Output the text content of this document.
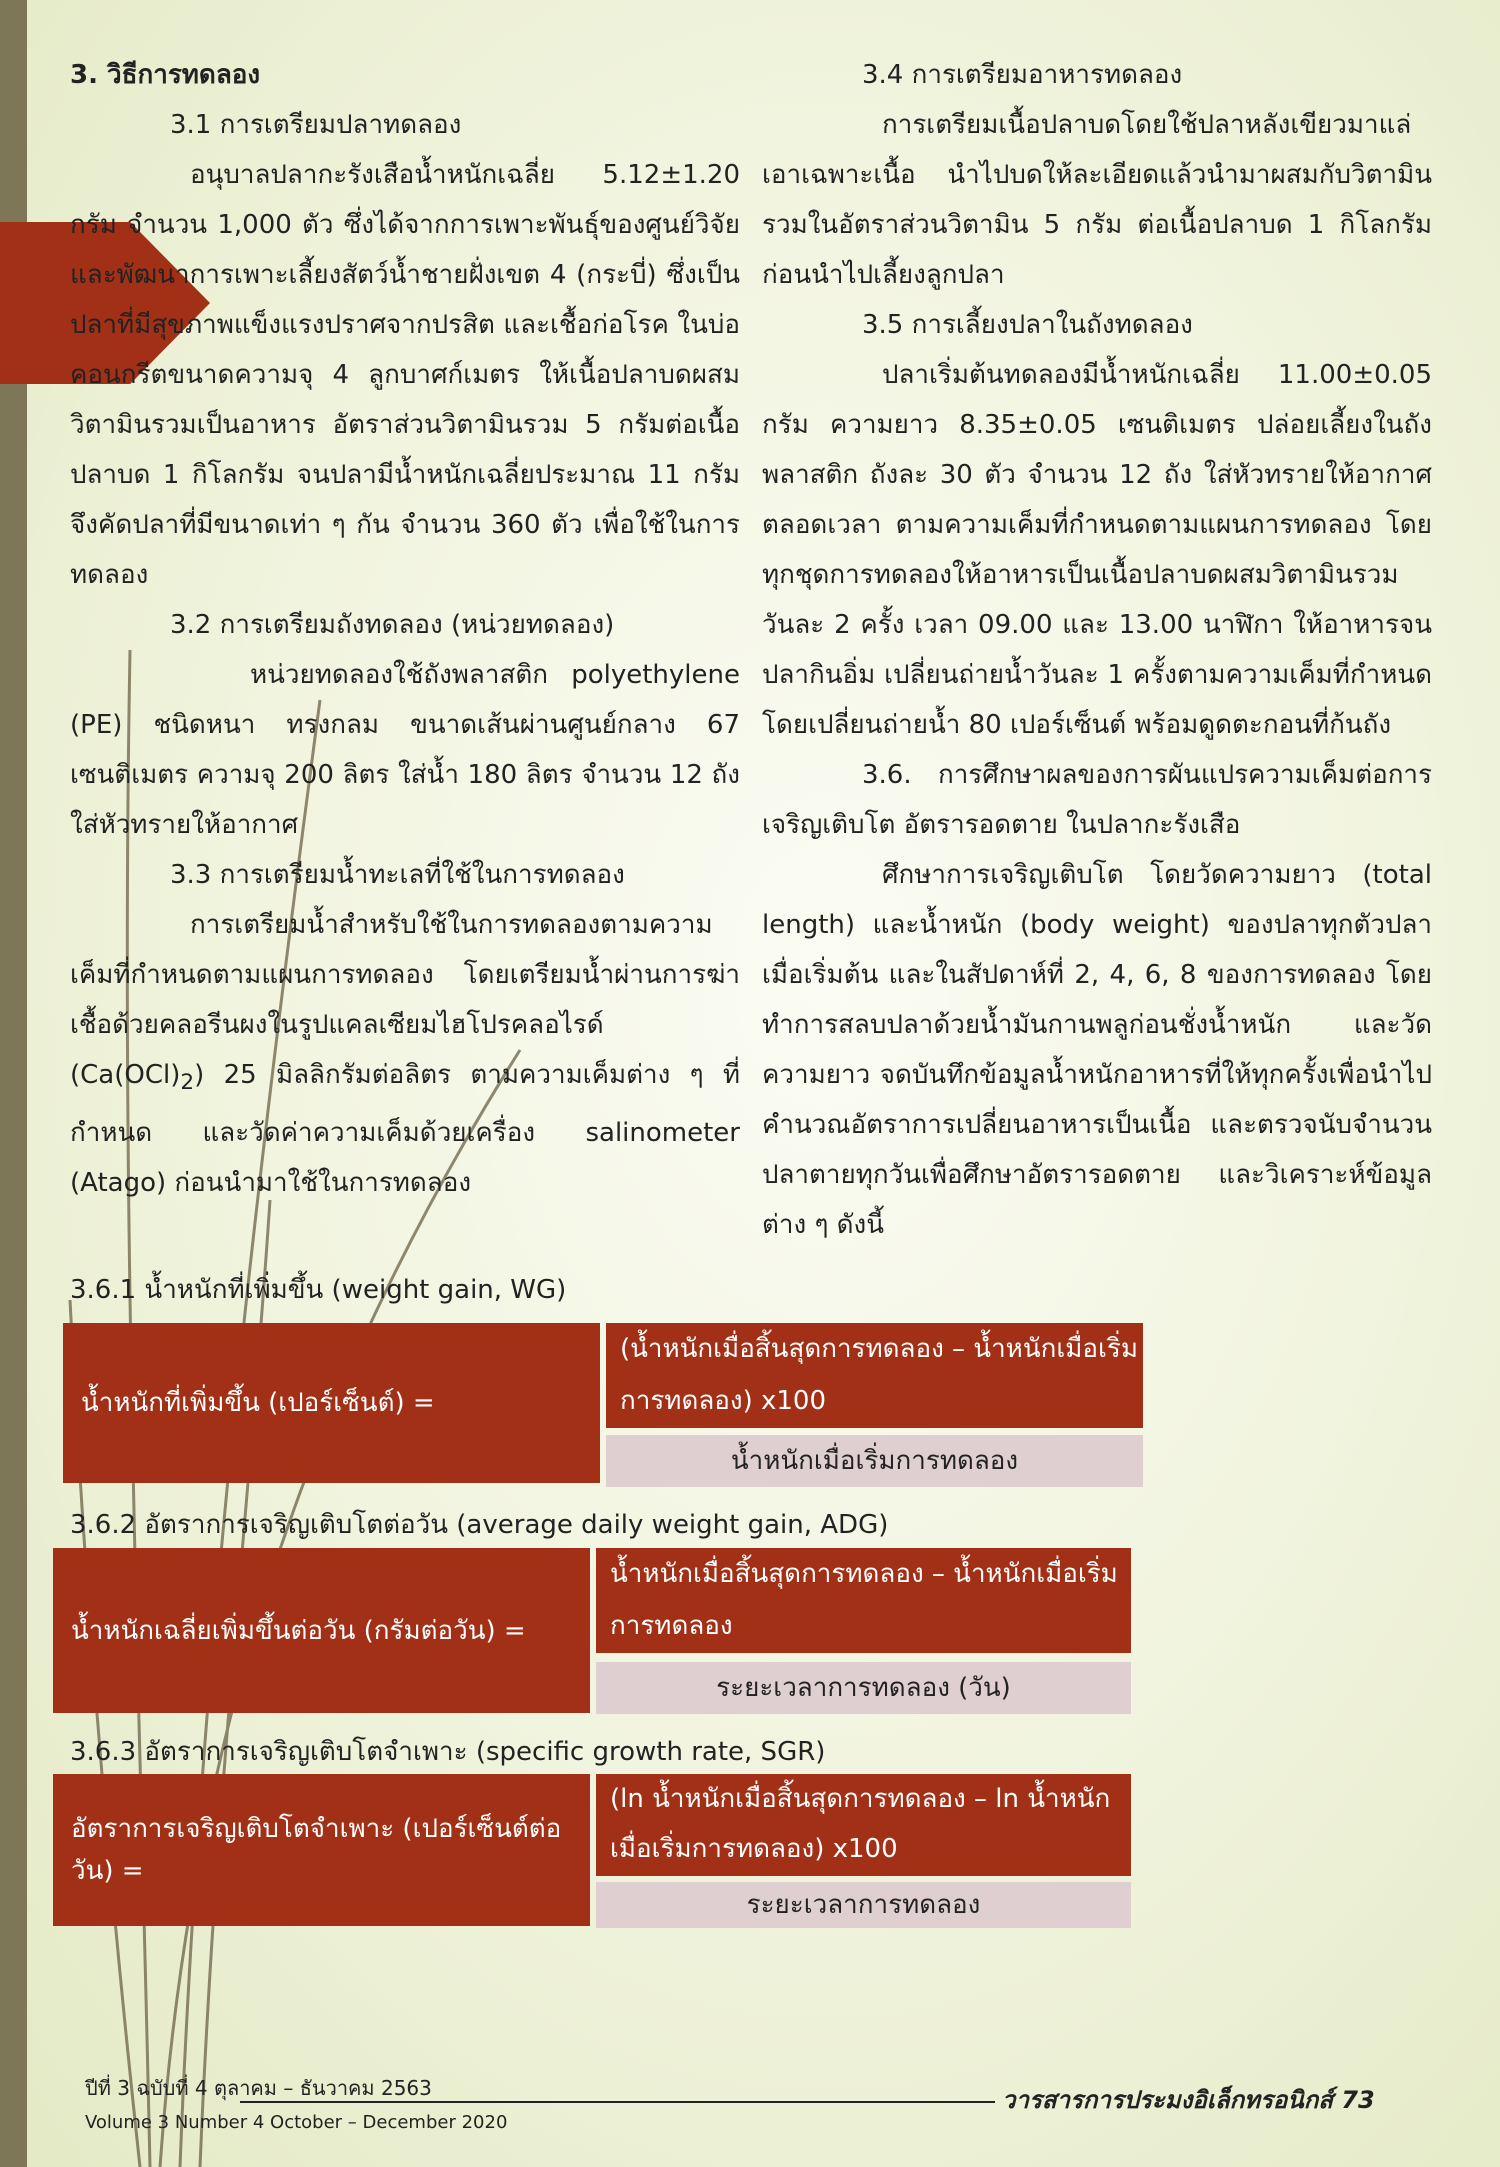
3. วิธีการทดลอง

3.1 การเตรียมปลาทดลอง

อนุบาลปลากะรังเสือน้ำหนักเฉลี่ย 5.12±1.20 กรัม จำนวน 1,000 ตัว ซึ่งได้จากการเพาะพันธุ์ของศูนย์วิจัยและพัฒนาการเพาะเลี้ยงสัตว์น้ำชายฝั่งเขต 4 (กระบี่) ซึ่งเป็นปลาที่มีสุขภาพแข็งแรงปราศจากปรสิต และเชื้อก่อโรค ในบ่อคอนกรีตขนาดความจุ 4 ลูกบาศก์เมตร ให้เนื้อปลาบดผสมวิตามินรวมเป็นอาหาร อัตราส่วนวิตามินรวม 5 กรัมต่อเนื้อปลาบด 1 กิโลกรัม จนปลามีน้ำหนักเฉลี่ยประมาณ 11 กรัม จึงคัดปลาที่มีขนาดเท่า ๆ กัน จำนวน 360 ตัว เพื่อใช้ในการทดลอง

3.2 การเตรียมถังทดลอง (หน่วยทดลอง)

หน่วยทดลองใช้ถังพลาสติก polyethylene (PE) ชนิดหนา ทรงกลม ขนาดเส้นผ่านศูนย์กลาง 67 เซนติเมตร ความจุ 200 ลิตร ใส่น้ำ 180 ลิตร จำนวน 12 ถัง ใส่หัวทรายให้อากาศ

3.3 การเตรียมน้ำทะเลที่ใช้ในการทดลอง

การเตรียมน้ำสำหรับใช้ในการทดลองตามความเค็มที่กำหนดตามแผนการทดลอง โดยเตรียมน้ำผ่านการฆ่าเชื้อด้วยคลอรีนผงในรูปแคลเซียมไฮโปรคลอไรด์ $(Ca(OCl)_2)$ 25 มิลลิกรัมต่อลิตร ตามความเค็มต่าง ๆ ที่กำหนด และวัดค่าความเค็มด้วยเครื่อง salinometer (Atago) ก่อนนำมาใช้ในการทดลอง

3.4 การเตรียมอาหารทดลอง

การเตรียมเนื้อปลาบดโดยใช้ปลาหลังเขียวมาแล่เอาเฉพาะเนื้อ นำไปบดให้ละเอียดแล้วนำมาผสมกับวิตามินรวมในอัตราส่วนวิตามิน 5 กรัม ต่อเนื้อปลาบด 1 กิโลกรัม ก่อนนำไปเลี้ยงลูกปลา

3.5 การเลี้ยงปลาในถังทดลอง

ปลาเริ่มต้นทดลองมีน้ำหนักเฉลี่ย 11.00±0.05 กรัม ความยาว 8.35±0.05 เซนติเมตร ปล่อยเลี้ยงในถังพลาสติก ถังละ 30 ตัว จำนวน 12 ถัง ใส่หัวทรายให้อากาศตลอดเวลา ตามความเค็มที่กำหนดตามแผนการทดลอง โดยทุกชุดการทดลองให้อาหารเป็นเนื้อปลาบดผสมวิตามินรวม วันละ 2 ครั้ง เวลา 09.00 และ 13.00 นาฬิกา ให้อาหารจนปลากินอิ่ม เปลี่ยนถ่ายน้ำวันละ 1 ครั้งตามความเค็มที่กำหนด โดยเปลี่ยนถ่ายน้ำ 80 เปอร์เซ็นต์ พร้อมดูดตะกอนที่ก้นถัง

3.6. การศึกษาผลของการผันแปรความเค็มต่อการเจริญเติบโต อัตรารอดตาย ในปลากะรังเสือ

ศึกษาการเจริญเติบโต โดยวัดความยาว (total length) และน้ำหนัก (body weight) ของปลาทุกตัวปลาเมื่อเริ่มต้น และในสัปดาห์ที่ 2, 4, 6, 8 ของการทดลอง โดยทำการสลบปลาด้วยน้ำมันกานพลูก่อนชั่งน้ำหนัก และวัดความยาว จดบันทึกข้อมูลน้ำหนักอาหารที่ให้ทุกครั้งเพื่อนำไปคำนวณอัตราการเปลี่ยนอาหารเป็นเนื้อ และตรวจนับจำนวนปลาตายทุกวันเพื่อศึกษาอัตรารอดตาย และวิเคราะห์ข้อมูลต่าง ๆ ดังนี้

3.6.1 น้ำหนักที่เพิ่มขึ้น (weight gain, WG)
น้ำหนักที่เพิ่มขึ้น (เปอร์เซ็นต์) =
(น้ำหนักเมื่อสิ้นสุดการทดลอง – น้ำหนักเมื่อเริ่มการทดลอง) x100
น้ำหนักเมื่อเริ่มการทดลอง
3.6.2 อัตราการเจริญเติบโตต่อวัน (average daily weight gain, ADG)
น้ำหนักเฉลี่ยเพิ่มขึ้นต่อวัน (กรัมต่อวัน) =
น้ำหนักเมื่อสิ้นสุดการทดลอง – น้ำหนักเมื่อเริ่มการทดลอง
ระยะเวลาการทดลอง (วัน)
3.6.3 อัตราการเจริญเติบโตจำเพาะ (specific growth rate, SGR)
อัตราการเจริญเติบโตจำเพาะ (เปอร์เซ็นต์ต่อวัน) =
(ln น้ำหนักเมื่อสิ้นสุดการทดลอง – ln น้ำหนักเมื่อเริ่มการทดลอง) x100
ระยะเวลาการทดลอง
ปีที่ 3 ฉบับที่ 4 ตุลาคม – ธันวาคม 2563	วารสารการประมงอิเล็กทรอนิกส์ 73
Volume 3 Number 4 October – December 2020
